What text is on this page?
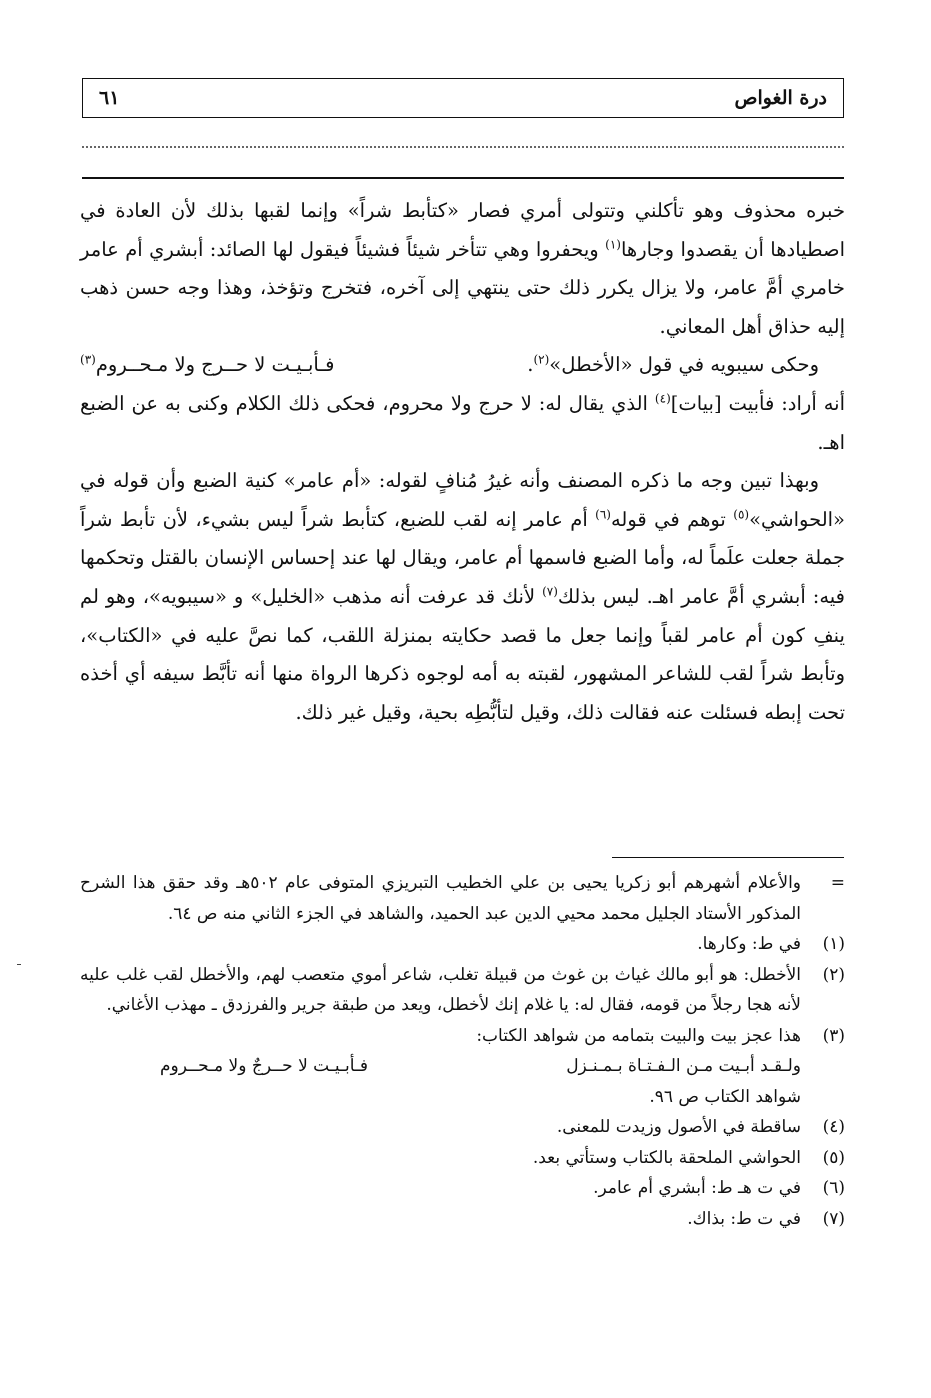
درة الغواص
٦١

خبره محذوف وهو تأكلني وتتولى أمري فصار «كتأبط شراً» وإنما لقبها بذلك لأن العادة في اصطيادها أن يقصدوا وجارها$^{(١)}$ ويحفروا وهي تتأخر شيئاً فشيئاً فيقول لها الصائد: أبشري أم عامر خامري أمَّ عامر، ولا يزال يكرر ذلك حتى ينتهي إلى آخره، فتخرج وتؤخذ، وهذا وجه حسن ذهب إليه حذاق أهل المعاني.

وحكى سيبويه في قول «الأخطل»$^{(٢)}$.
فـأبـيـت لا حــرج ولا مـحــروم$^{(٣)}$

أنه أراد: فأبيت [بيات]$^{(٤)}$ الذي يقال له: لا حرج ولا محروم، فحكى ذلك الكلام وكنى به عن الضبع اهـ.

وبهذا تبين وجه ما ذكره المصنف وأنه غيرُ مُنافٍ لقوله: «أم عامر» كنية الضبع وأن قوله في «الحواشي»$^{(٥)}$ توهم في قوله$^{(٦)}$ أم عامر إنه لقب للضبع، كتأبط شراً ليس بشيء، لأن تأبط شراً جملة جعلت علَماً له، وأما الضبع فاسمها أم عامر، ويقال لها عند إحساس الإنسان بالقتل وتحكمها فيه: أبشري أمَّ عامر اهـ. ليس بذلك$^{(٧)}$ لأنك قد عرفت أنه مذهب «الخليل» و «سيبويه»، وهو لم ينفِ كون أم عامر لقباً وإنما جعل ما قصد حكايته بمنزلة اللقب، كما نصَّ عليه في «الكتاب»، وتأبط شراً لقب للشاعر المشهور، لقبته به أمه لوجوه ذكرها الرواة منها أنه تأبَّط سيفه أي أخذه تحت إبطه فسئلت عنه فقالت ذلك، وقيل لتأبُّطِه بحية، وقيل غير ذلك.

=
والأعلام أشهرهم أبو زكريا يحيى بن علي الخطيب التبريزي المتوفى عام ٥٠٢هـ وقد حقق هذا الشرح المذكور الأستاد الجليل محمد محيي الدين عبد الحميد، والشاهد في الجزء الثاني منه ص ٦٤.
(١)
في ط: وكارها.
(٢)
الأخطل: هو أبو مالك غياث بن غوث من قبيلة تغلب، شاعر أموي متعصب لهم، والأخطل لقب غلب عليه لأنه هجا رجلاً من قومه، فقال له: يا غلام إنك لأخطل، ويعد من طبقة جرير والفرزدق ـ مهذب الأغاني.
(٣)
هذا عجز بيت والبيت بتمامه من شواهد الكتاب:
ولـقـد أبـيت مـن الـفـتـاة بـمـنـزل
فـأبـيـت لا حــرجٌ ولا مـحــروم
شواهد الكتاب ص ٩٦.
(٤)
ساقطة في الأصول وزيدت للمعنى.
(٥)
الحواشي الملحقة بالكتاب وستأتي بعد.
(٦)
في ت هـ ط: أبشري أم عامر.
(٧)
في ت ط: بذاك.
